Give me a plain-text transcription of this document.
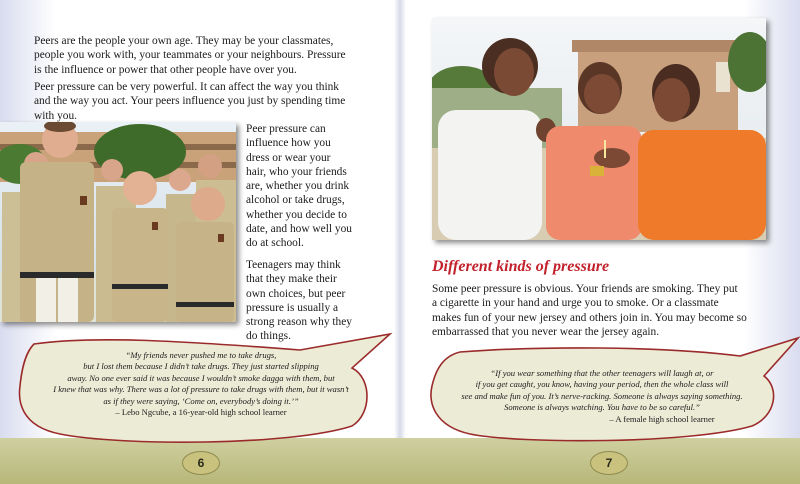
Peers are the people your own age. They may be your classmates,
people you work with, your teammates or your neighbours. Pressure
is the influence or power that other people have over you.

Peer pressure can be very powerful. It can affect the way you think
and the way you act. Your peers influence you just by spending time
with you.

Peer pressure can
influence how you
dress or wear your
hair, who your friends
are, whether you drink
alcohol or take drugs,
whether you decide to
date, and how well you
do at school.

Teenagers may think
that they make their
own choices, but peer
pressure is usually a
strong reason why they
do things.

Different kinds of pressure

Some peer pressure is obvious. Your friends are smoking. They put
a cigarette in your hand and urge you to smoke. Or a classmate
makes fun of your new jersey and others join in. You may become so
embarrassed that you never wear the jersey again.

“My friends never pushed me to take drugs,
but I lost them because I didn’t take drugs. They just started slipping
away. No one ever said it was because I wouldn’t smoke dagga with them, but
I knew that was why. There was a lot of pressure to take drugs with them, but it wasn’t
as if they were saying, ‘Come on, everybody’s doing it.’”
– Lebo Ngcube, a 16-year-old high school learner
“If you wear something that the other teenagers will laugh at, or
if you get caught, you know, having your period, then the whole class will
see and make fun of you. It’s nerve-racking. Someone is always saying something.
Someone is always watching. You have to be so careful.”
– A female high school learner
6	7
